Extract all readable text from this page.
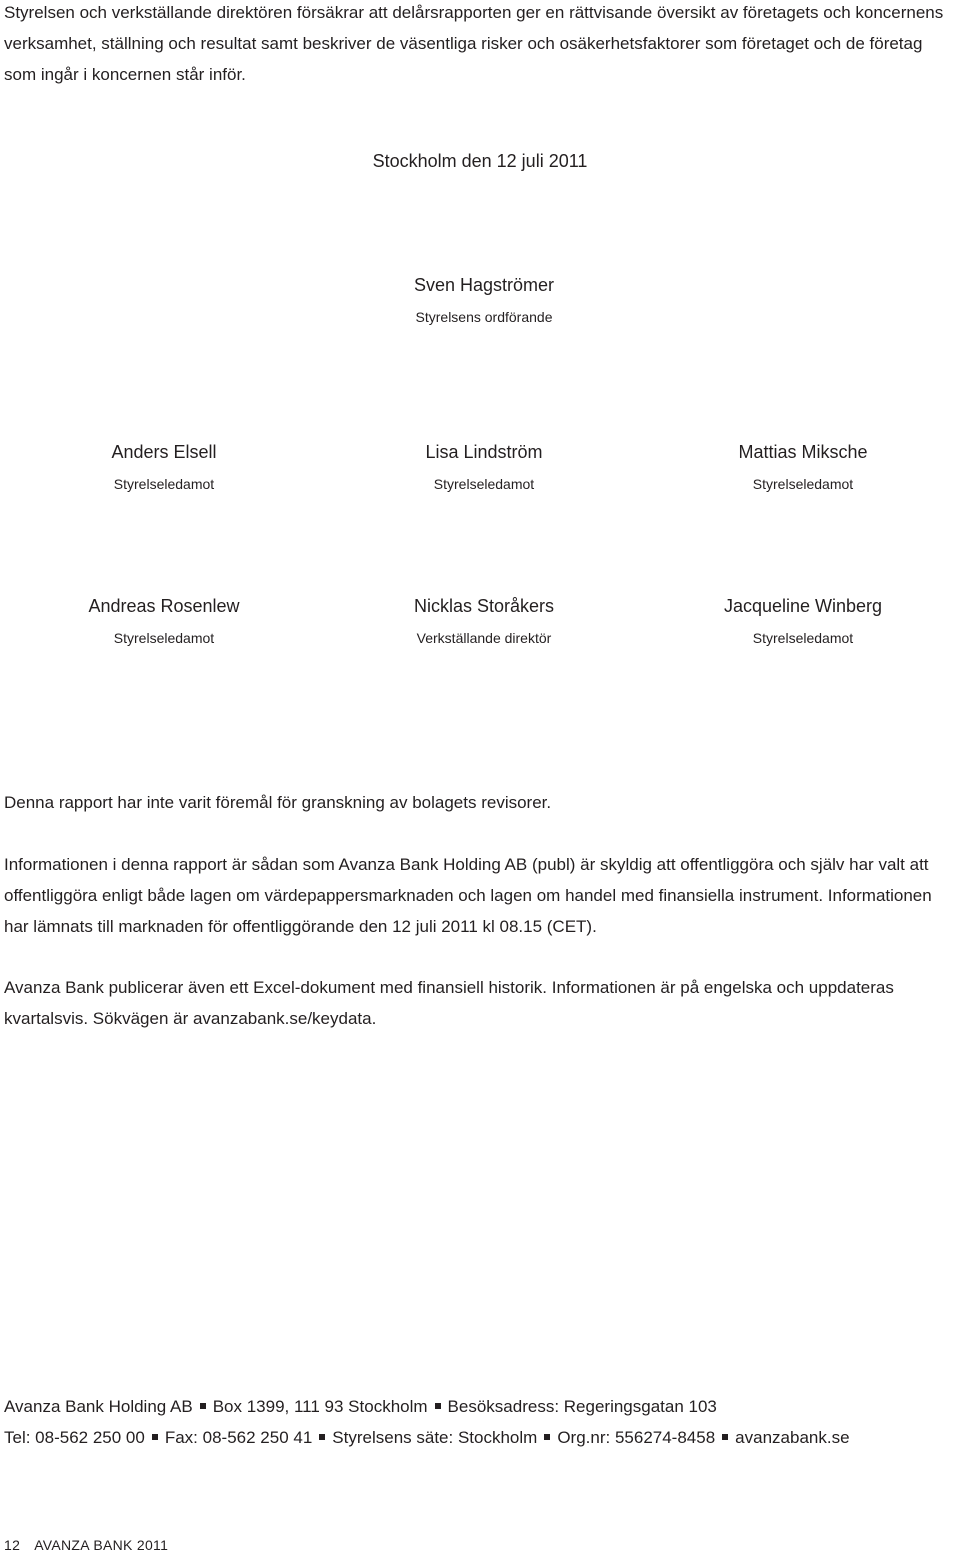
Styrelsen och verkställande direktören försäkrar att delårsrapporten ger en rättvisande översikt av företagets och koncernens verksamhet, ställning och resultat samt beskriver de väsentliga risker och osäkerhetsfaktorer som företaget och de företag som ingår i koncernen står inför.

Stockholm den 12 juli 2011
Sven Hagströmer
Styrelsens ordförande
Anders Elsell
Styrelseledamot
Lisa Lindström
Styrelseledamot
Mattias Miksche
Styrelseledamot
Andreas Rosenlew
Styrelseledamot
Nicklas Storåkers
Verkställande direktör
Jacqueline Winberg
Styrelseledamot

Denna rapport har inte varit föremål för granskning av bolagets revisorer.

Informationen i denna rapport är sådan som Avanza Bank Holding AB (publ) är skyldig att offentliggöra och själv har valt att offentliggöra enligt både lagen om värdepappersmarknaden och lagen om handel med finansiella instrument. Informationen har lämnats till marknaden för offentliggörande den 12 juli 2011 kl 08.15 (CET).

Avanza Bank publicerar även ett Excel-dokument med finansiell historik. Informationen är på engelska och uppdateras kvartalsvis. Sökvägen är avanzabank.se/keydata.

Avanza Bank Holding AB Box 1399, 111 93 Stockholm Besöksadress: Regeringsgatan 103
Tel: 08-562 250 00 Fax: 08-562 250 41 Styrelsens säte: Stockholm Org.nr: 556274-8458 avanzabank.se
12 AVANZA BANK 2011
